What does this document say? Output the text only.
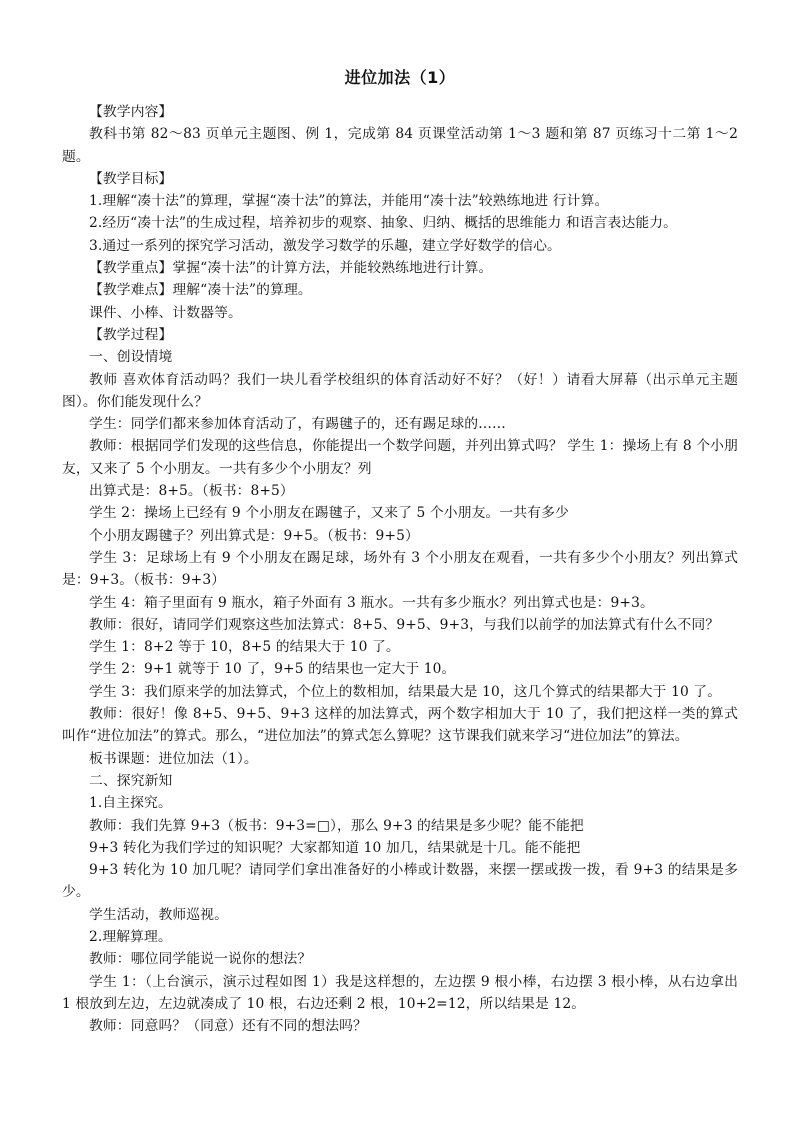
进位加法（1）

【教学内容】

教科书第 82～83 页单元主题图、例 1，完成第 84 页课堂活动第 1～3 题和第 87 页练习十二第 1～2 题。

【教学目标】

1.理解“凑十法”的算理，掌握“凑十法”的算法，并能用“凑十法”较熟练地进 行计算。

2.经历“凑十法”的生成过程，培养初步的观察、抽象、归纳、概括的思维能力 和语言表达能力。

3.通过一系列的探究学习活动，激发学习数学的乐趣，建立学好数学的信心。

【教学重点】掌握“凑十法”的计算方法，并能较熟练地进行计算。

【教学难点】理解“凑十法”的算理。

课件、小棒、计数器等。

【教学过程】

一、创设情境

教师 喜欢体育活动吗？我们一块儿看学校组织的体育活动好不好？（好！）请看大屏幕（出示单元主题图）。你们能发现什么？

学生：同学们都来参加体育活动了，有踢毽子的，还有踢足球的……

教师：根据同学们发现的这些信息，你能提出一个数学问题，并列出算式吗？ 学生 1：操场上有 8 个小朋友，又来了 5 个小朋友。一共有多少个小朋友？列

出算式是：8+5。（板书：8+5）

学生 2：操场上已经有 9 个小朋友在踢毽子，又来了 5 个小朋友。一共有多少

个小朋友踢毽子？列出算式是：9+5。（板书：9+5）

学生 3：足球场上有 9 个小朋友在踢足球，场外有 3 个小朋友在观看，一共有多少个小朋友？列出算式是：9+3。（板书：9+3）

学生 4：箱子里面有 9 瓶水，箱子外面有 3 瓶水。一共有多少瓶水？列出算式也是：9+3。

教师：很好，请同学们观察这些加法算式：8+5、9+5、9+3，与我们以前学的加法算式有什么不同？

学生 1：8+2 等于 10，8+5 的结果大于 10 了。

学生 2：9+1 就等于 10 了，9+5 的结果也一定大于 10。

学生 3：我们原来学的加法算式，个位上的数相加，结果最大是 10，这几个算式的结果都大于 10 了。

教师：很好！像 8+5、9+5、9+3 这样的加法算式，两个数字相加大于 10 了，我们把这样一类的算式叫作“进位加法”的算式。那么，“进位加法”的算式怎么算呢？这节课我们就来学习“进位加法”的算法。

板书课题：进位加法（1）。

二、探究新知

1.自主探究。

教师：我们先算 9+3（板书：9+3=□），那么 9+3 的结果是多少呢？能不能把

9+3 转化为我们学过的知识呢？大家都知道 10 加几，结果就是十几。能不能把

9+3 转化为 10 加几呢？请同学们拿出准备好的小棒或计数器，来摆一摆或拨一拨，看 9+3 的结果是多少。

学生活动，教师巡视。

2.理解算理。

教师：哪位同学能说一说你的想法？

学生 1：（上台演示，演示过程如图 1）我是这样想的，左边摆 9 根小棒，右边摆 3 根小棒，从右边拿出 1 根放到左边，左边就凑成了 10 根，右边还剩 2 根，10+2=12，所以结果是 12。

教师：同意吗？（同意）还有不同的想法吗？
